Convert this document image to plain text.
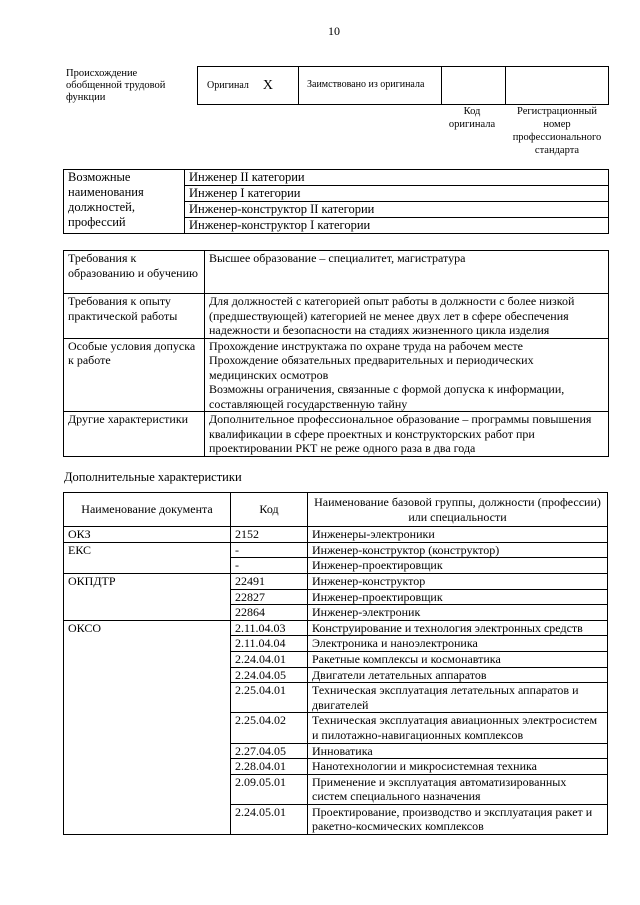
10
Происхождение обобщенной трудовой функции
Оригинал X	Заимствовано из оригинала
Код оригинала
Регистрационный номер профессионального стандарта
Возможные наименования должностей, профессий	
Инженер II категории
Инженер I категории
Инженер-конструктор II категории
Инженер-конструктор I категории
Требования к образованию и обучению	Высшее образование – специалитет, магистратура
Требования к опыту практической работы	Для должностей с категорией опыт работы в должности с более низкой (предшествующей) категорией не менее двух лет в сфере обеспечения надежности и безопасности на стадиях жизненного цикла изделия
Особые условия допуска к работе	Прохождение инструктажа по охране труда на рабочем месте
Прохождение обязательных предварительных и периодических медицинских осмотров
Возможны ограничения, связанные с формой допуска к информации, составляющей государственную тайну
Другие характеристики	Дополнительное профессиональное образование – программы повышения квалификации в сфере проектных и конструкторских работ при проектировании РКТ не реже одного раза в два года
Дополнительные характеристики
Наименование документа	Код	Наименование базовой группы, должности (профессии) или специальности
ОКЗ	2152	Инженеры-электроники
ЕКС	-	Инженер-конструктор (конструктор)
	-	Инженер-проектировщик
ОКПДТР	22491	Инженер-конструктор
	22827	Инженер-проектировщик
	22864	Инженер-электроник
ОКСО	2.11.04.03	Конструирование и технология электронных средств
	2.11.04.04	Электроника и наноэлектроника
	2.24.04.01	Ракетные комплексы и космонавтика
	2.24.04.05	Двигатели летательных аппаратов
	2.25.04.01	Техническая эксплуатация летательных аппаратов и двигателей
	2.25.04.02	Техническая эксплуатация авиационных электросистем и пилотажно-навигационных комплексов
	2.27.04.05	Инноватика
	2.28.04.01	Нанотехнологии и микросистемная техника
	2.09.05.01	Применение и эксплуатация автоматизированных систем специального назначения
	2.24.05.01	Проектирование, производство и эксплуатация ракет и ракетно-космических комплексов
